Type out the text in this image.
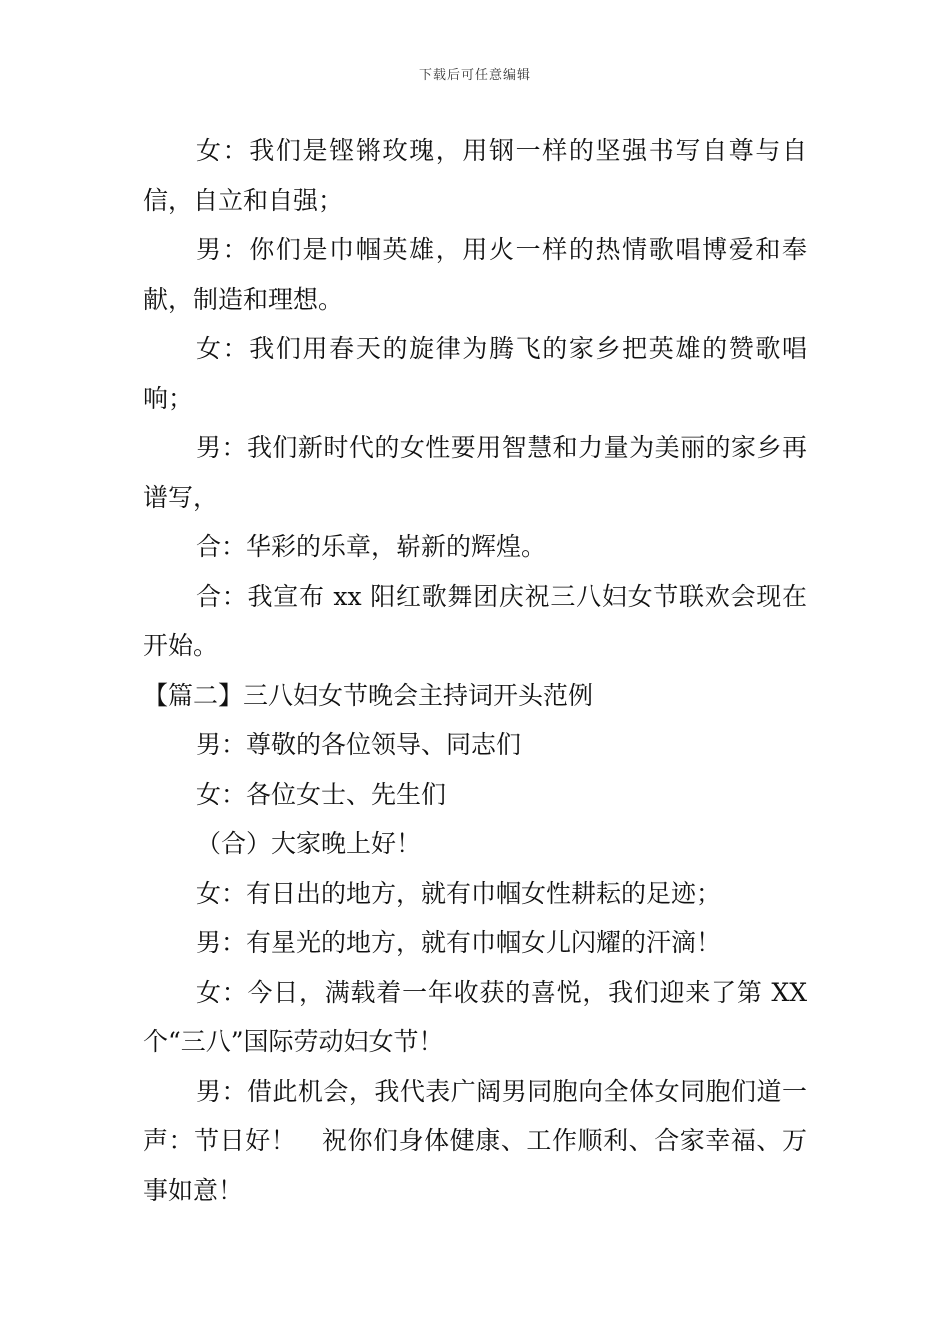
下载后可任意编辑

女：我们是铿锵玫瑰，用钢一样的坚强书写自尊与自信，自立和自强；

男：你们是巾帼英雄，用火一样的热情歌唱博爱和奉献，制造和理想。

女：我们用春天的旋律为腾飞的家乡把英雄的赞歌唱响；

男：我们新时代的女性要用智慧和力量为美丽的家乡再谱写，

合：华彩的乐章，崭新的辉煌。

合：我宣布 xx 阳红歌舞团庆祝三八妇女节联欢会现在开始。

【篇二】三八妇女节晚会主持词开头范例

男：尊敬的各位领导、同志们

女：各位女士、先生们

（合）大家晚上好！

女：有日出的地方，就有巾帼女性耕耘的足迹；

男：有星光的地方，就有巾帼女儿闪耀的汗滴！

女：今日，满载着一年收获的喜悦，我们迎来了第 XX 个“三八”国际劳动妇女节！

男：借此机会，我代表广阔男同胞向全体女同胞们道一声：节日好！　祝你们身体健康、工作顺利、合家幸福、万事如意！
